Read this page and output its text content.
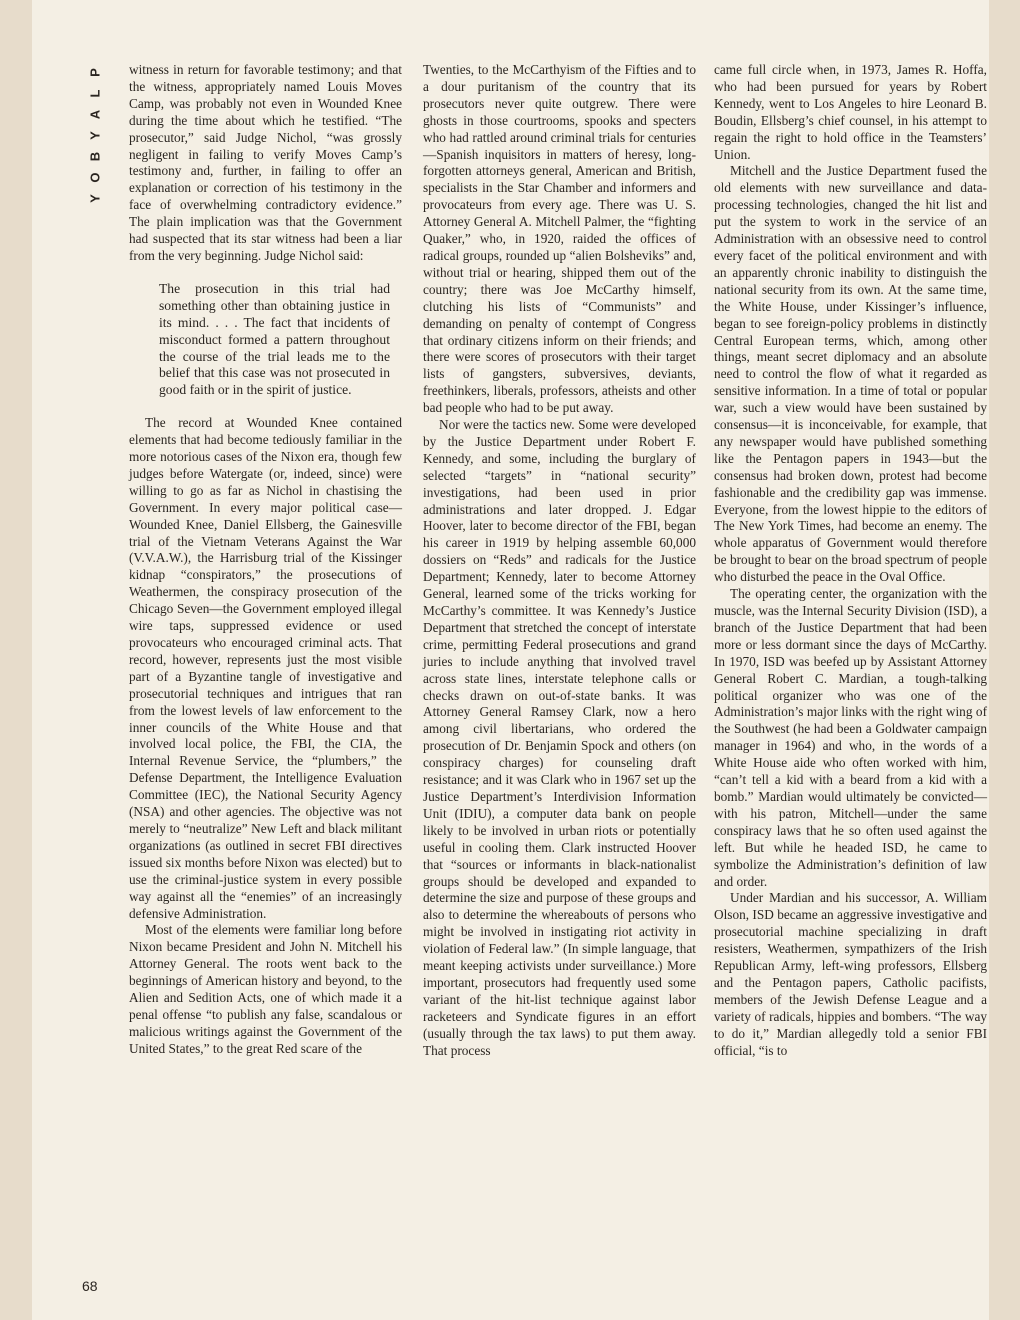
P
L
A
Y
B
O
Y

witness in return for favorable testimony; and that the witness, appropriately named Louis Moves Camp, was probably not even in Wounded Knee during the time about which he testified. “The prosecutor,” said Judge Nichol, “was grossly negligent in failing to verify Moves Camp’s testimony and, further, in failing to offer an explanation or correction of his testimony in the face of overwhelming contradictory evidence.” The plain implication was that the Government had suspected that its star witness had been a liar from the very beginning. Judge Nichol said:

The prosecution in this trial had something other than obtaining justice in its mind. . . . The fact that incidents of misconduct formed a pattern throughout the course of the trial leads me to the belief that this case was not prosecuted in good faith or in the spirit of justice.

The record at Wounded Knee contained elements that had become tediously familiar in the more notorious cases of the Nixon era, though few judges before Watergate (or, indeed, since) were willing to go as far as Nichol in chastising the Government. In every major political case—Wounded Knee, Daniel Ellsberg, the Gainesville trial of the Vietnam Veterans Against the War (V.V.A.W.), the Harrisburg trial of the Kissinger kidnap “conspirators,” the prosecutions of Weathermen, the conspiracy prosecution of the Chicago Seven—the Government employed illegal wire taps, suppressed evidence or used provocateurs who encouraged criminal acts. That record, however, represents just the most visible part of a Byzantine tangle of investigative and prosecutorial techniques and intrigues that ran from the lowest levels of law enforcement to the inner councils of the White House and that involved local police, the FBI, the CIA, the Internal Revenue Service, the “plumbers,” the Defense Department, the Intelligence Evaluation Committee (IEC), the National Security Agency (NSA) and other agencies. The objective was not merely to “neutralize” New Left and black militant organizations (as outlined in secret FBI directives issued six months before Nixon was elected) but to use the criminal-justice system in every possible way against all the “enemies” of an increasingly defensive Administration.

Most of the elements were familiar long before Nixon became President and John N. Mitchell his Attorney General. The roots went back to the beginnings of American history and beyond, to the Alien and Sedition Acts, one of which made it a penal offense “to publish any false, scandalous or malicious writings against the Government of the United States,” to the great Red scare of the

Twenties, to the McCarthyism of the Fifties and to a dour puritanism of the country that its prosecutors never quite outgrew. There were ghosts in those courtrooms, spooks and specters who had rattled around criminal trials for centuries—Spanish inquisitors in matters of heresy, long-forgotten attorneys general, American and British, specialists in the Star Chamber and informers and provocateurs from every age. There was U. S. Attorney General A. Mitchell Palmer, the “fighting Quaker,” who, in 1920, raided the offices of radical groups, rounded up “alien Bolsheviks” and, without trial or hearing, shipped them out of the country; there was Joe McCarthy himself, clutching his lists of “Communists” and demanding on penalty of contempt of Congress that ordinary citizens inform on their friends; and there were scores of prosecutors with their target lists of gangsters, subversives, deviants, freethinkers, liberals, professors, atheists and other bad people who had to be put away.

Nor were the tactics new. Some were developed by the Justice Department under Robert F. Kennedy, and some, including the burglary of selected “targets” in “national security” investigations, had been used in prior administrations and later dropped. J. Edgar Hoover, later to become director of the FBI, began his career in 1919 by helping assemble 60,000 dossiers on “Reds” and radicals for the Justice Department; Kennedy, later to become Attorney General, learned some of the tricks working for McCarthy’s committee. It was Kennedy’s Justice Department that stretched the concept of interstate crime, permitting Federal prosecutions and grand juries to include anything that involved travel across state lines, interstate telephone calls or checks drawn on out-of-state banks. It was Attorney General Ramsey Clark, now a hero among civil libertarians, who ordered the prosecution of Dr. Benjamin Spock and others (on conspiracy charges) for counseling draft resistance; and it was Clark who in 1967 set up the Justice Department’s Interdivision Information Unit (IDIU), a computer data bank on people likely to be involved in urban riots or potentially useful in cooling them. Clark instructed Hoover that “sources or informants in black-nationalist groups should be developed and expanded to determine the size and purpose of these groups and also to determine the whereabouts of persons who might be involved in instigating riot activity in violation of Federal law.” (In simple language, that meant keeping activists under surveillance.) More important, prosecutors had frequently used some variant of the hit-list technique against labor racketeers and Syndicate figures in an effort (usually through the tax laws) to put them away. That process

came full circle when, in 1973, James R. Hoffa, who had been pursued for years by Robert Kennedy, went to Los Angeles to hire Leonard B. Boudin, Ellsberg’s chief counsel, in his attempt to regain the right to hold office in the Teamsters’ Union.

Mitchell and the Justice Department fused the old elements with new surveillance and data-processing technologies, changed the hit list and put the system to work in the service of an Administration with an obsessive need to control every facet of the political environment and with an apparently chronic inability to distinguish the national security from its own. At the same time, the White House, under Kissinger’s influence, began to see foreign-policy problems in distinctly Central European terms, which, among other things, meant secret diplomacy and an absolute need to control the flow of what it regarded as sensitive information. In a time of total or popular war, such a view would have been sustained by consensus—it is inconceivable, for example, that any newspaper would have published something like the Pentagon papers in 1943—but the consensus had broken down, protest had become fashionable and the credibility gap was immense. Everyone, from the lowest hippie to the editors of The New York Times, had become an enemy. The whole apparatus of Government would therefore be brought to bear on the broad spectrum of people who disturbed the peace in the Oval Office.

The operating center, the organization with the muscle, was the Internal Security Division (ISD), a branch of the Justice Department that had been more or less dormant since the days of McCarthy. In 1970, ISD was beefed up by Assistant Attorney General Robert C. Mardian, a tough-talking political organizer who was one of the Administration’s major links with the right wing of the Southwest (he had been a Goldwater campaign manager in 1964) and who, in the words of a White House aide who often worked with him, “can’t tell a kid with a beard from a kid with a bomb.” Mardian would ultimately be convicted—with his patron, Mitchell—under the same conspiracy laws that he so often used against the left. But while he headed ISD, he came to symbolize the Administration’s definition of law and order.

Under Mardian and his successor, A. William Olson, ISD became an aggressive investigative and prosecutorial machine specializing in draft resisters, Weathermen, sympathizers of the Irish Republican Army, left-wing professors, Ellsberg and the Pentagon papers, Catholic pacifists, members of the Jewish Defense League and a variety of radicals, hippies and bombers. “The way to do it,” Mardian allegedly told a senior FBI official, “is to

68
